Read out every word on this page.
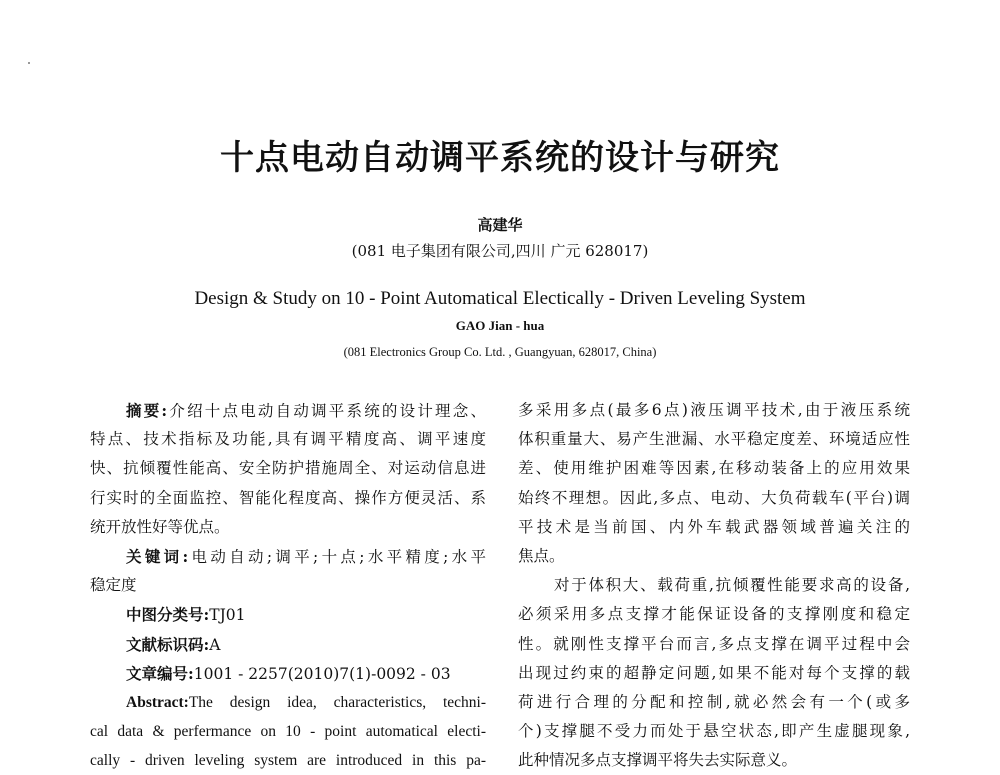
十点电动自动调平系统的设计与研究
高建华
(081 电子集团有限公司,四川 广元 628017)
Design & Study on 10 - Point Automatical Electically - Driven Leveling System
GAO Jian - hua
(081 Electronics Group Co. Ltd. , Guangyuan, 628017, China)
摘要:介绍十点电动自动调平系统的设计理念、
特点、技术指标及功能,具有调平精度高、调平速度
快、抗倾覆性能高、安全防护措施周全、对运动信息进
行实时的全面监控、智能化程度高、操作方便灵活、系
统开放性好等优点。
关键词:电动自动;调平;十点;水平精度;水平
稳定度
中图分类号:TJ01
文献标识码:A
文章编号:1001 - 2257(2010)7(1)-0092 - 03
Abstract:The design idea, characteristics, techni-
cal data & perfermance on 10 - point automatical electi-
cally - driven leveling system are introduced in this pa-
多采用多点(最多6点)液压调平技术,由于液压系统
体积重量大、易产生泄漏、水平稳定度差、环境适应性
差、使用维护困难等因素,在移动装备上的应用效果
始终不理想。因此,多点、电动、大负荷载车(平台)调
平技术是当前国、内外车载武器领域普遍关注的
焦点。
对于体积大、载荷重,抗倾覆性能要求高的设备,
必须采用多点支撑才能保证设备的支撑刚度和稳定
性。就刚性支撑平台而言,多点支撑在调平过程中会
出现过约束的超静定问题,如果不能对每个支撑的载
荷进行合理的分配和控制,就必然会有一个(或多
个)支撑腿不受力而处于悬空状态,即产生虚腿现象,
此种情况多点支撑调平将失去实际意义。
